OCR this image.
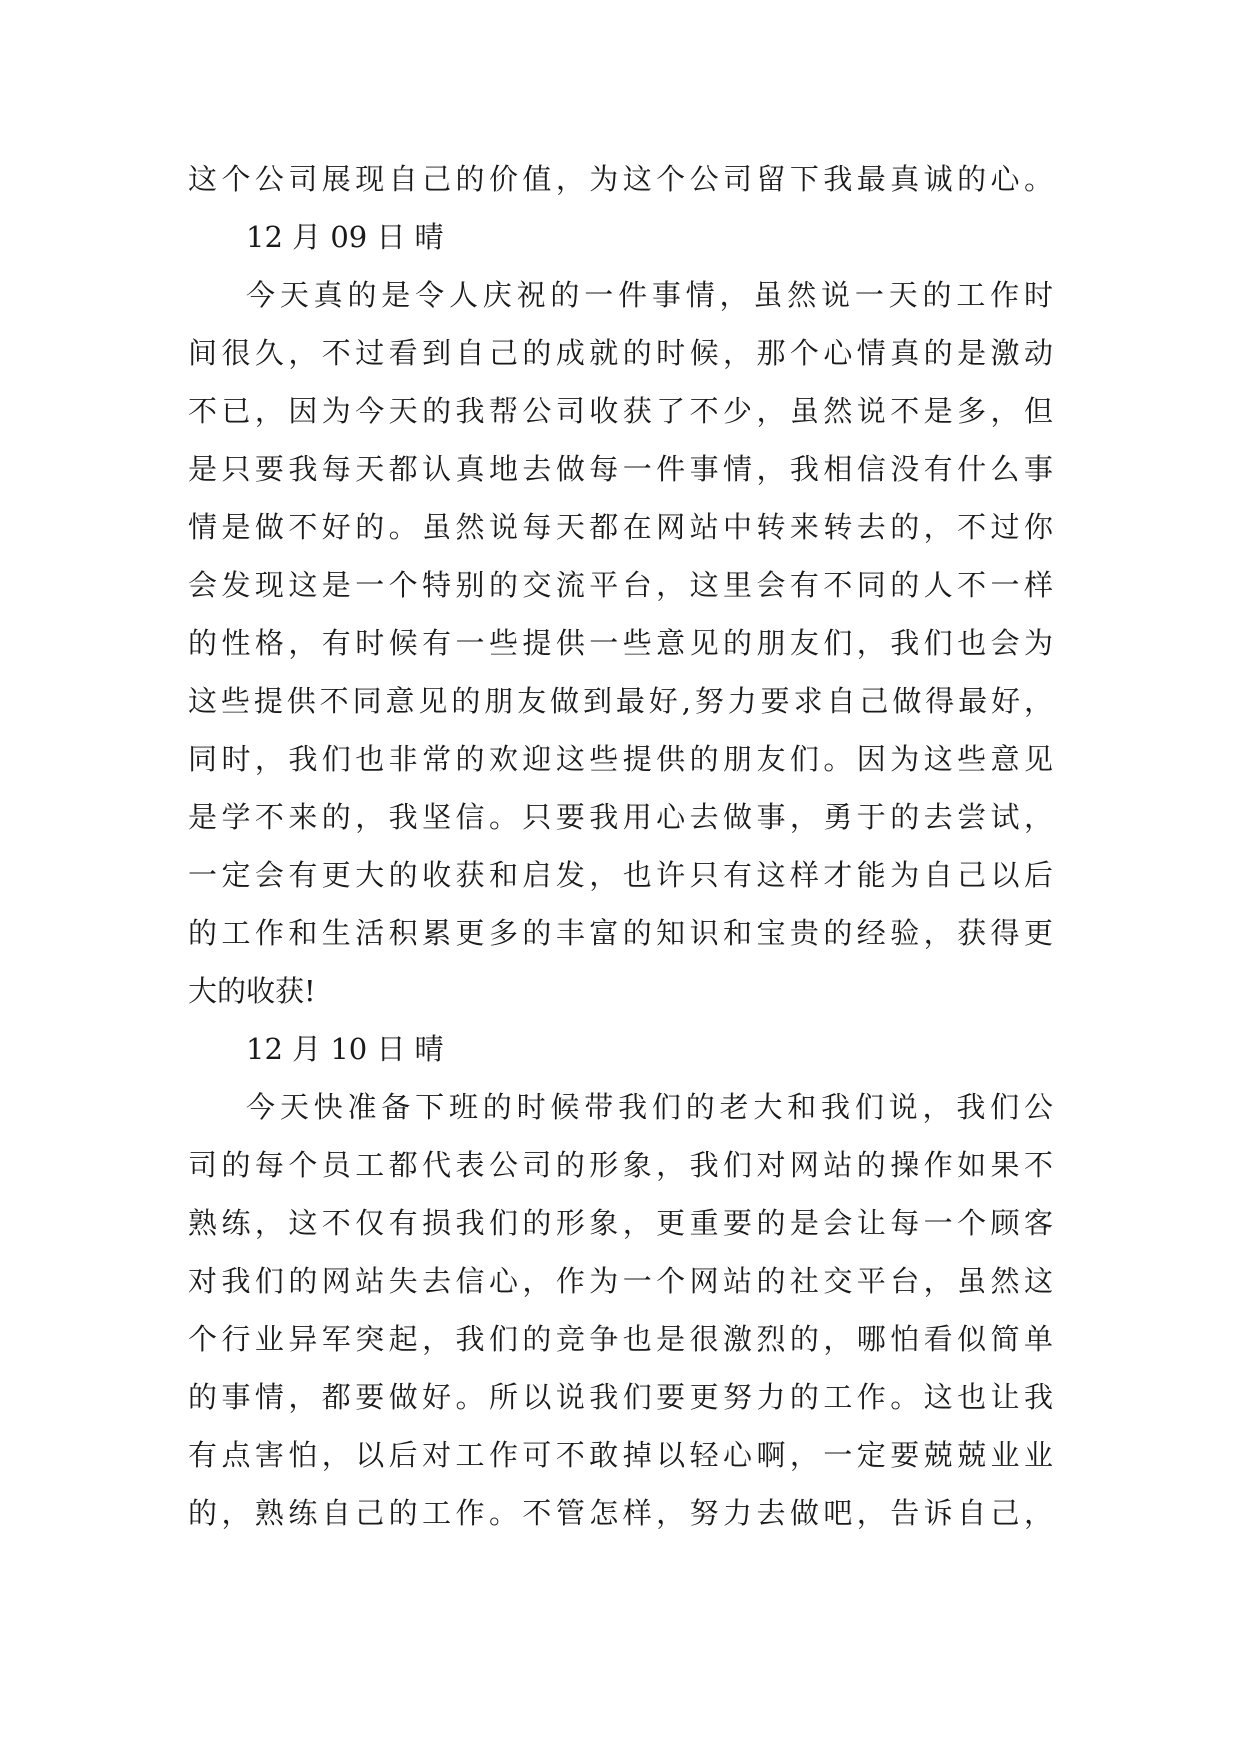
这个公司展现自己的价值，为这个公司留下我最真诚的心。
12 月 09 日 晴
今天真的是令人庆祝的一件事情，虽然说一天的工作时
间很久，不过看到自己的成就的时候，那个心情真的是激动
不已，因为今天的我帮公司收获了不少，虽然说不是多，但
是只要我每天都认真地去做每一件事情，我相信没有什么事
情是做不好的。虽然说每天都在网站中转来转去的，不过你
会发现这是一个特别的交流平台，这里会有不同的人不一样
的性格，有时候有一些提供一些意见的朋友们，我们也会为
这些提供不同意见的朋友做到最好,努力要求自己做得最好，
同时，我们也非常的欢迎这些提供的朋友们。因为这些意见
是学不来的，我坚信。只要我用心去做事，勇于的去尝试，
一定会有更大的收获和启发，也许只有这样才能为自己以后
的工作和生活积累更多的丰富的知识和宝贵的经验，获得更
大的收获!
12 月 10 日 晴
今天快准备下班的时候带我们的老大和我们说，我们公
司的每个员工都代表公司的形象，我们对网站的操作如果不
熟练，这不仅有损我们的形象，更重要的是会让每一个顾客
对我们的网站失去信心，作为一个网站的社交平台，虽然这
个行业异军突起，我们的竞争也是很激烈的，哪怕看似简单
的事情，都要做好。所以说我们要更努力的工作。这也让我
有点害怕，以后对工作可不敢掉以轻心啊，一定要兢兢业业
的，熟练自己的工作。不管怎样，努力去做吧，告诉自己，
